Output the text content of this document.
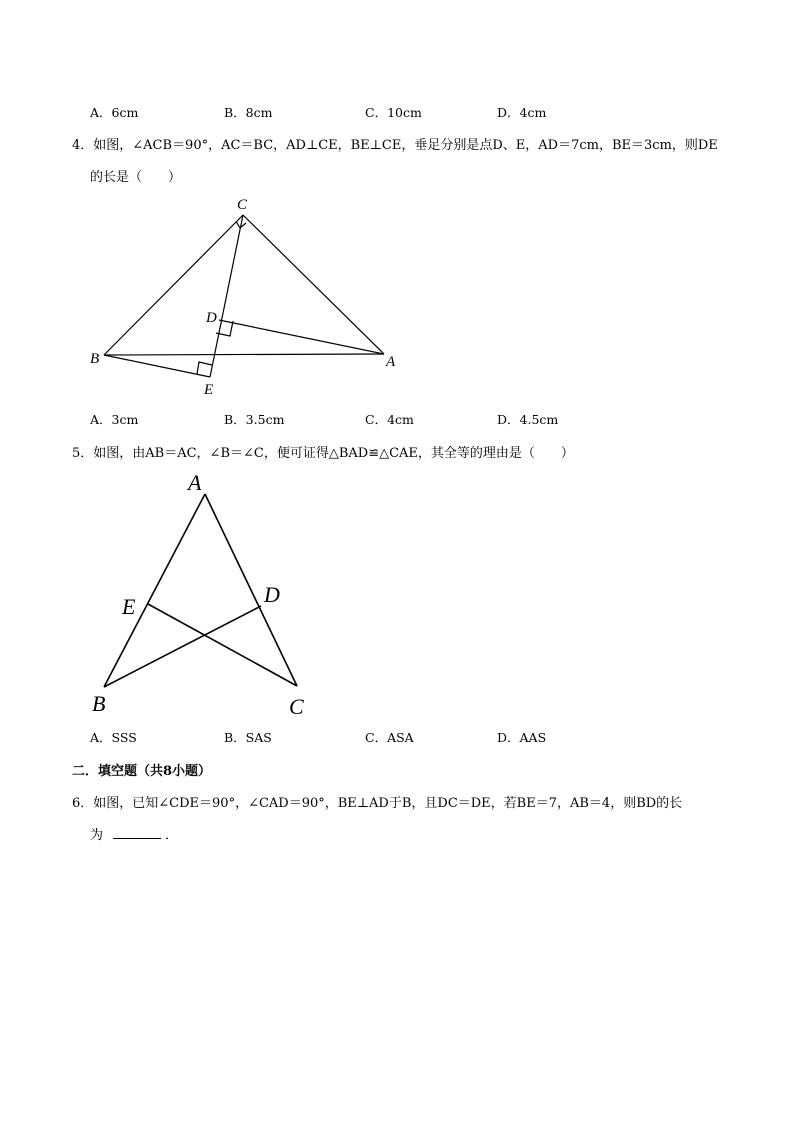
A．6cm	B．8cm	C．10cm	D．4cm
4．如图，∠ACB＝90°，AC＝BC，AD⊥CE，BE⊥CE，垂足分别是点D、E，AD＝7cm，BE＝3cm，则DE
的长是（　　）
C
D
B	A
E
A．3cm	B．3.5cm	C．4cm	D．4.5cm
5．如图，由AB＝AC，∠B＝∠C，便可证得△BAD≌△CAE，其全等的理由是（　　）
A
E	D
B	C
A．SSS	B．SAS	C．ASA	D．AAS
二．填空题（共8小题）
6．如图，已知∠CDE＝90°，∠CAD＝90°，BE⊥AD于B，且DC＝DE，若BE＝7，AB＝4，则BD的长
为	．
